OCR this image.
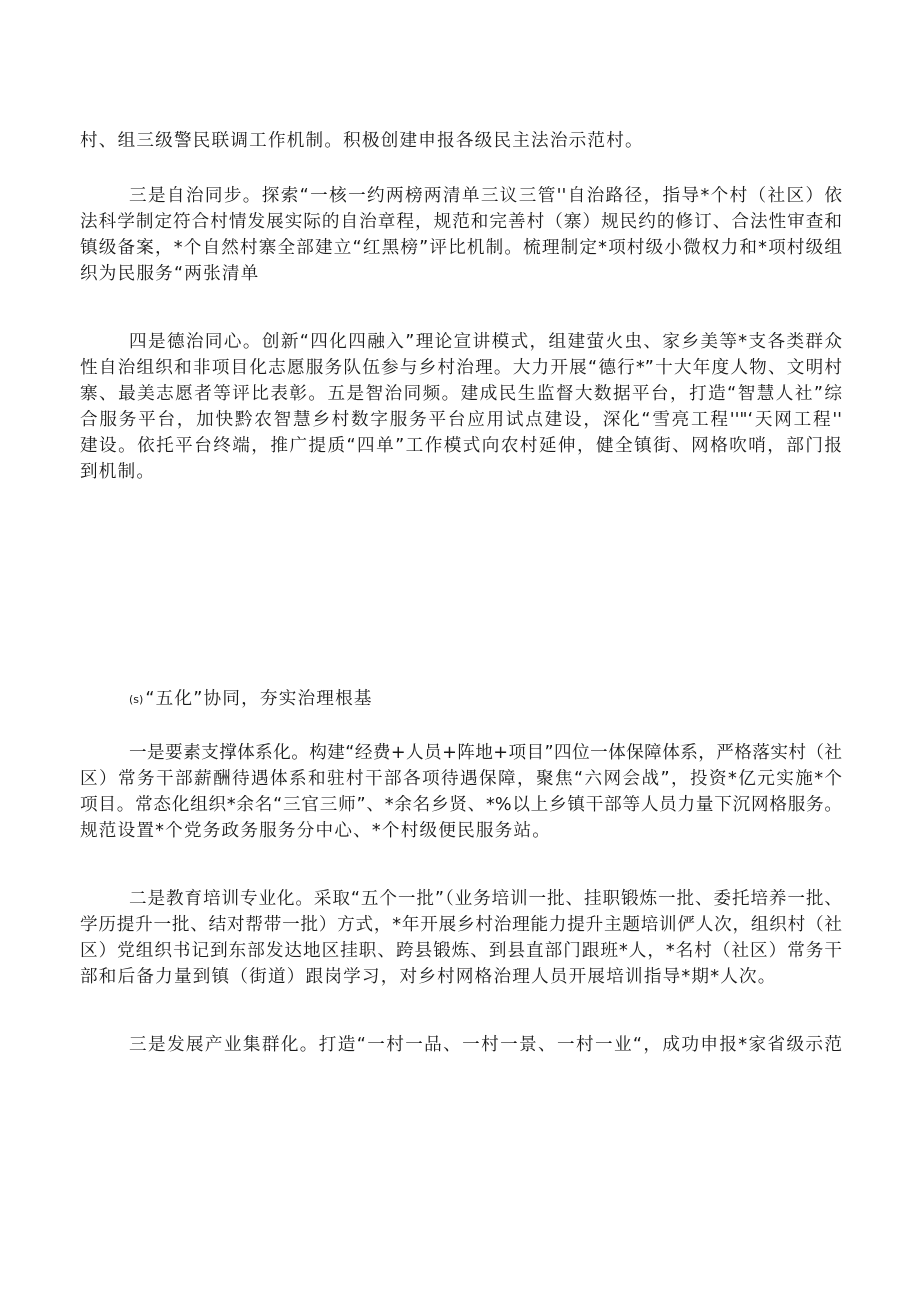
村、组三级警民联调工作机制。积极创建申报各级民主法治示范村。

三是自治同步。探索“一核一约两榜两清单三议三管''自治路径，指导*个村（社区）依

法科学制定符合村情发展实际的自治章程，规范和完善村（寨）规民约的修订、合法性审查和

镇级备案，*个自然村寨全部建立“红黑榜”评比机制。梳理制定*项村级小微权力和*项村级组

织为民服务“两张清单

四是德治同心。创新“四化四融入”理论宣讲模式，组建萤火虫、家乡美等*支各类群众

性自治组织和非项目化志愿服务队伍参与乡村治理。大力开展“德行*”十大年度人物、文明村

寨、最美志愿者等评比表彰。五是智治同频。建成民生监督大数据平台，打造“智慧人社”综

合服务平台，加快黔农智慧乡村数字服务平台应用试点建设，深化“雪亮工程''"‘天网工程''

建设。依托平台终端，推广提质“四单”工作模式向农村延伸，健全镇街、网格吹哨，部门报

到机制。

(s) “五化”协同，夯实治理根基

一是要素支撑体系化。构建“经费+人员+阵地+项目”四位一体保障体系，严格落实村（社

区）常务干部薪酬待遇体系和驻村干部各项待遇保障，聚焦“六网会战”，投资*亿元实施*个

项目。常态化组织*余名“三官三师”、*余名乡贤、*%以上乡镇干部等人员力量下沉网格服务。

规范设置*个党务政务服务分中心、*个村级便民服务站。

二是教育培训专业化。采取“五个一批”（业务培训一批、挂职锻炼一批、委托培养一批、

学历提升一批、结对帮带一批）方式，*年开展乡村治理能力提升主题培训俨人次，组织村（社

区）党组织书记到东部发达地区挂职、跨县锻炼、到县直部门跟班*人，*名村（社区）常务干

部和后备力量到镇（街道）跟岗学习，对乡村网格治理人员开展培训指导*期*人次。

三是发展产业集群化。打造“一村一品、一村一景、一村一业“，成功申报*家省级示范
